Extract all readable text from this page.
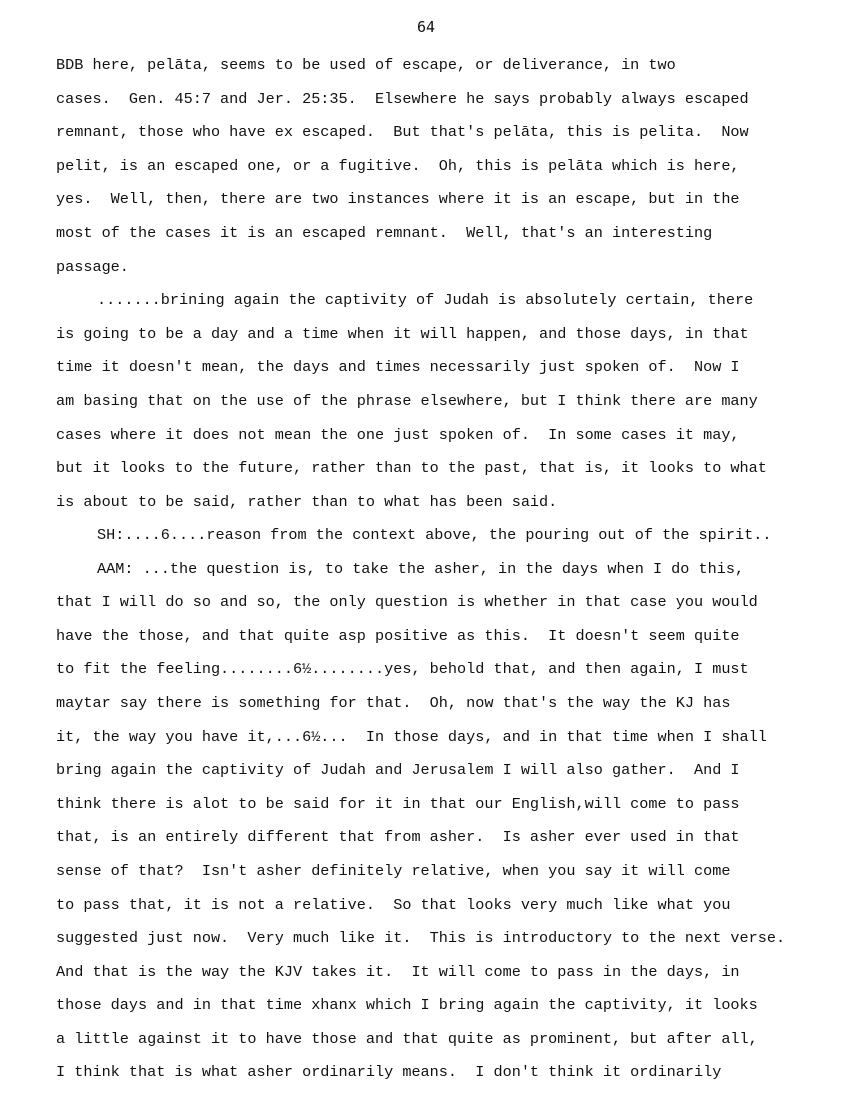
64
BDB here, pelāta, seems to be used of escape, or deliverance, in two
cases.  Gen. 45:7 and Jer. 25:35.  Elsewhere he says probably always escaped
remnant, those who have ex escaped.  But that's pelāta, this is pelita.  Now
pelit, is an escaped one, or a fugitive.  Oh, this is pelāta which is here,
yes.  Well, then, there are two instances where it is an escape, but in the
most of the cases it is an escaped remnant.  Well, that's an interesting
passage.
.......brining again the captivity of Judah is absolutely certain, there
is going to be a day and a time when it will happen, and those days, in that
time it doesn't mean, the days and times necessarily just spoken of.  Now I
am basing that on the use of the phrase elsewhere, but I think there are many
cases where it does not mean the one just spoken of.  In some cases it may,
but it looks to the future, rather than to the past, that is, it looks to what
is about to be said, rather than to what has been said.
SH:....6....reason from the context above, the pouring out of the spirit..
AAM: ...the question is, to take the asher, in the days when I do this,
that I will do so and so, the only question is whether in that case you would
have the those, and that quite asp positive as this.  It doesn't seem quite
to fit the feeling........6½........yes, behold that, and then again, I must
maytar say there is something for that.  Oh, now that's the way the KJ has
it, the way you have it,...6½...  In those days, and in that time when I shall
bring again the captivity of Judah and Jerusalem I will also gather.  And I
think there is alot to be said for it in that our English,will come to pass
that, is an entirely different that from asher.  Is asher ever used in that
sense of that?  Isn't asher definitely relative, when you say it will come
to pass that, it is not a relative.  So that looks very much like what you
suggested just now.  Very much like it.  This is introductory to the next verse.
And that is the way the KJV takes it.  It will come to pass in the days, in
those days and in that time xhanx which I bring again the captivity, it looks
a little against it to have those and that quite as prominent, but after all,
I think that is what asher ordinarily means.  I don't think it ordinarily
